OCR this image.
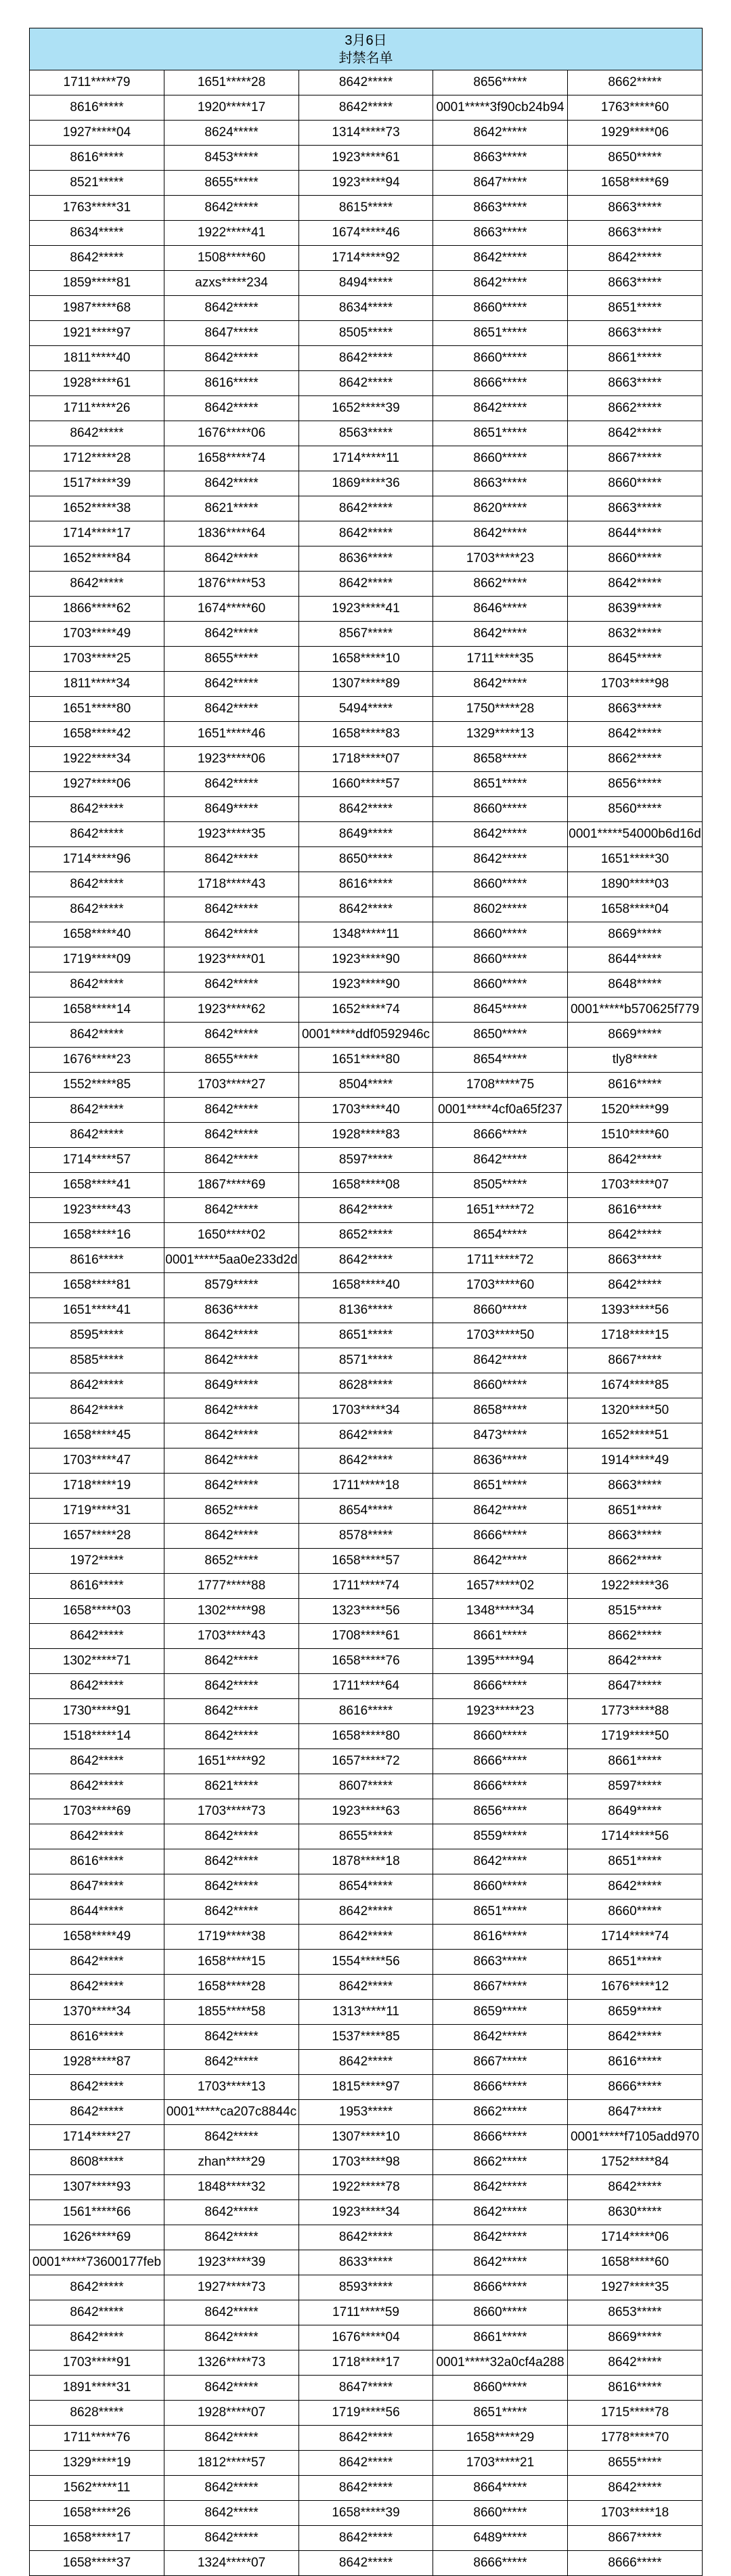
3月6日
封禁名单				

1711*****79	1651*****28	8642*****	8656*****	8662*****
8616*****	1920*****17	8642*****	0001*****3f90cb24b94	1763*****60
1927*****04	8624*****	1314*****73	8642*****	1929*****06
8616*****	8453*****	1923*****61	8663*****	8650*****
8521*****	8655*****	1923*****94	8647*****	1658*****69
1763*****31	8642*****	8615*****	8663*****	8663*****
8634*****	1922*****41	1674*****46	8663*****	8663*****
8642*****	1508*****60	1714*****92	8642*****	8642*****
1859*****81	azxs*****234	8494*****	8642*****	8663*****
1987*****68	8642*****	8634*****	8660*****	8651*****
1921*****97	8647*****	8505*****	8651*****	8663*****
1811*****40	8642*****	8642*****	8660*****	8661*****
1928*****61	8616*****	8642*****	8666*****	8663*****
1711*****26	8642*****	1652*****39	8642*****	8662*****
8642*****	1676*****06	8563*****	8651*****	8642*****
1712*****28	1658*****74	1714*****11	8660*****	8667*****
1517*****39	8642*****	1869*****36	8663*****	8660*****
1652*****38	8621*****	8642*****	8620*****	8663*****
1714*****17	1836*****64	8642*****	8642*****	8644*****
1652*****84	8642*****	8636*****	1703*****23	8660*****
8642*****	1876*****53	8642*****	8662*****	8642*****
1866*****62	1674*****60	1923*****41	8646*****	8639*****
1703*****49	8642*****	8567*****	8642*****	8632*****
1703*****25	8655*****	1658*****10	1711*****35	8645*****
1811*****34	8642*****	1307*****89	8642*****	1703*****98
1651*****80	8642*****	5494*****	1750*****28	8663*****
1658*****42	1651*****46	1658*****83	1329*****13	8642*****
1922*****34	1923*****06	1718*****07	8658*****	8662*****
1927*****06	8642*****	1660*****57	8651*****	8656*****
8642*****	8649*****	8642*****	8660*****	8560*****
8642*****	1923*****35	8649*****	8642*****	0001*****54000b6d16d
1714*****96	8642*****	8650*****	8642*****	1651*****30
8642*****	1718*****43	8616*****	8660*****	1890*****03
8642*****	8642*****	8642*****	8602*****	1658*****04
1658*****40	8642*****	1348*****11	8660*****	8669*****
1719*****09	1923*****01	1923*****90	8660*****	8644*****
8642*****	8642*****	1923*****90	8660*****	8648*****
1658*****14	1923*****62	1652*****74	8645*****	0001*****b570625f779
8642*****	8642*****	0001*****ddf0592946c	8650*****	8669*****
1676*****23	8655*****	1651*****80	8654*****	tly8*****
1552*****85	1703*****27	8504*****	1708*****75	8616*****
8642*****	8642*****	1703*****40	0001*****4cf0a65f237	1520*****99
8642*****	8642*****	1928*****83	8666*****	1510*****60
1714*****57	8642*****	8597*****	8642*****	8642*****
1658*****41	1867*****69	1658*****08	8505*****	1703*****07
1923*****43	8642*****	8642*****	1651*****72	8616*****
1658*****16	1650*****02	8652*****	8654*****	8642*****
8616*****	0001*****5aa0e233d2d	8642*****	1711*****72	8663*****
1658*****81	8579*****	1658*****40	1703*****60	8642*****
1651*****41	8636*****	8136*****	8660*****	1393*****56
8595*****	8642*****	8651*****	1703*****50	1718*****15
8585*****	8642*****	8571*****	8642*****	8667*****
8642*****	8649*****	8628*****	8660*****	1674*****85
8642*****	8642*****	1703*****34	8658*****	1320*****50
1658*****45	8642*****	8642*****	8473*****	1652*****51
1703*****47	8642*****	8642*****	8636*****	1914*****49
1718*****19	8642*****	1711*****18	8651*****	8663*****
1719*****31	8652*****	8654*****	8642*****	8651*****
1657*****28	8642*****	8578*****	8666*****	8663*****
1972*****	8652*****	1658*****57	8642*****	8662*****
8616*****	1777*****88	1711*****74	1657*****02	1922*****36
1658*****03	1302*****98	1323*****56	1348*****34	8515*****
8642*****	1703*****43	1708*****61	8661*****	8662*****
1302*****71	8642*****	1658*****76	1395*****94	8642*****
8642*****	8642*****	1711*****64	8666*****	8647*****
1730*****91	8642*****	8616*****	1923*****23	1773*****88
1518*****14	8642*****	1658*****80	8660*****	1719*****50
8642*****	1651*****92	1657*****72	8666*****	8661*****
8642*****	8621*****	8607*****	8666*****	8597*****
1703*****69	1703*****73	1923*****63	8656*****	8649*****
8642*****	8642*****	8655*****	8559*****	1714*****56
8616*****	8642*****	1878*****18	8642*****	8651*****
8647*****	8642*****	8654*****	8660*****	8642*****
8644*****	8642*****	8642*****	8651*****	8660*****
1658*****49	1719*****38	8642*****	8616*****	1714*****74
8642*****	1658*****15	1554*****56	8663*****	8651*****
8642*****	1658*****28	8642*****	8667*****	1676*****12
1370*****34	1855*****58	1313*****11	8659*****	8659*****
8616*****	8642*****	1537*****85	8642*****	8642*****
1928*****87	8642*****	8642*****	8667*****	8616*****
8642*****	1703*****13	1815*****97	8666*****	8666*****
8642*****	0001*****ca207c8844c	1953*****	8662*****	8647*****
1714*****27	8642*****	1307*****10	8666*****	0001*****f7105add970
8608*****	zhan*****29	1703*****98	8662*****	1752*****84
1307*****93	1848*****32	1922*****78	8642*****	8642*****
1561*****66	8642*****	1923*****34	8642*****	8630*****
1626*****69	8642*****	8642*****	8642*****	1714*****06
0001*****73600177feb	1923*****39	8633*****	8642*****	1658*****60
8642*****	1927*****73	8593*****	8666*****	1927*****35
8642*****	8642*****	1711*****59	8660*****	8653*****
8642*****	8642*****	1676*****04	8661*****	8669*****
1703*****91	1326*****73	1718*****17	0001*****32a0cf4a288	8642*****
1891*****31	8642*****	8647*****	8660*****	8616*****
8628*****	1928*****07	1719*****56	8651*****	1715*****78
1711*****76	8642*****	8642*****	1658*****29	1778*****70
1329*****19	1812*****57	8642*****	1703*****21	8655*****
1562*****11	8642*****	8642*****	8664*****	8642*****
1658*****26	8642*****	1658*****39	8660*****	1703*****18
1658*****17	8642*****	8642*****	6489*****	8667*****
1658*****37	1324*****07	8642*****	8666*****	8666*****
